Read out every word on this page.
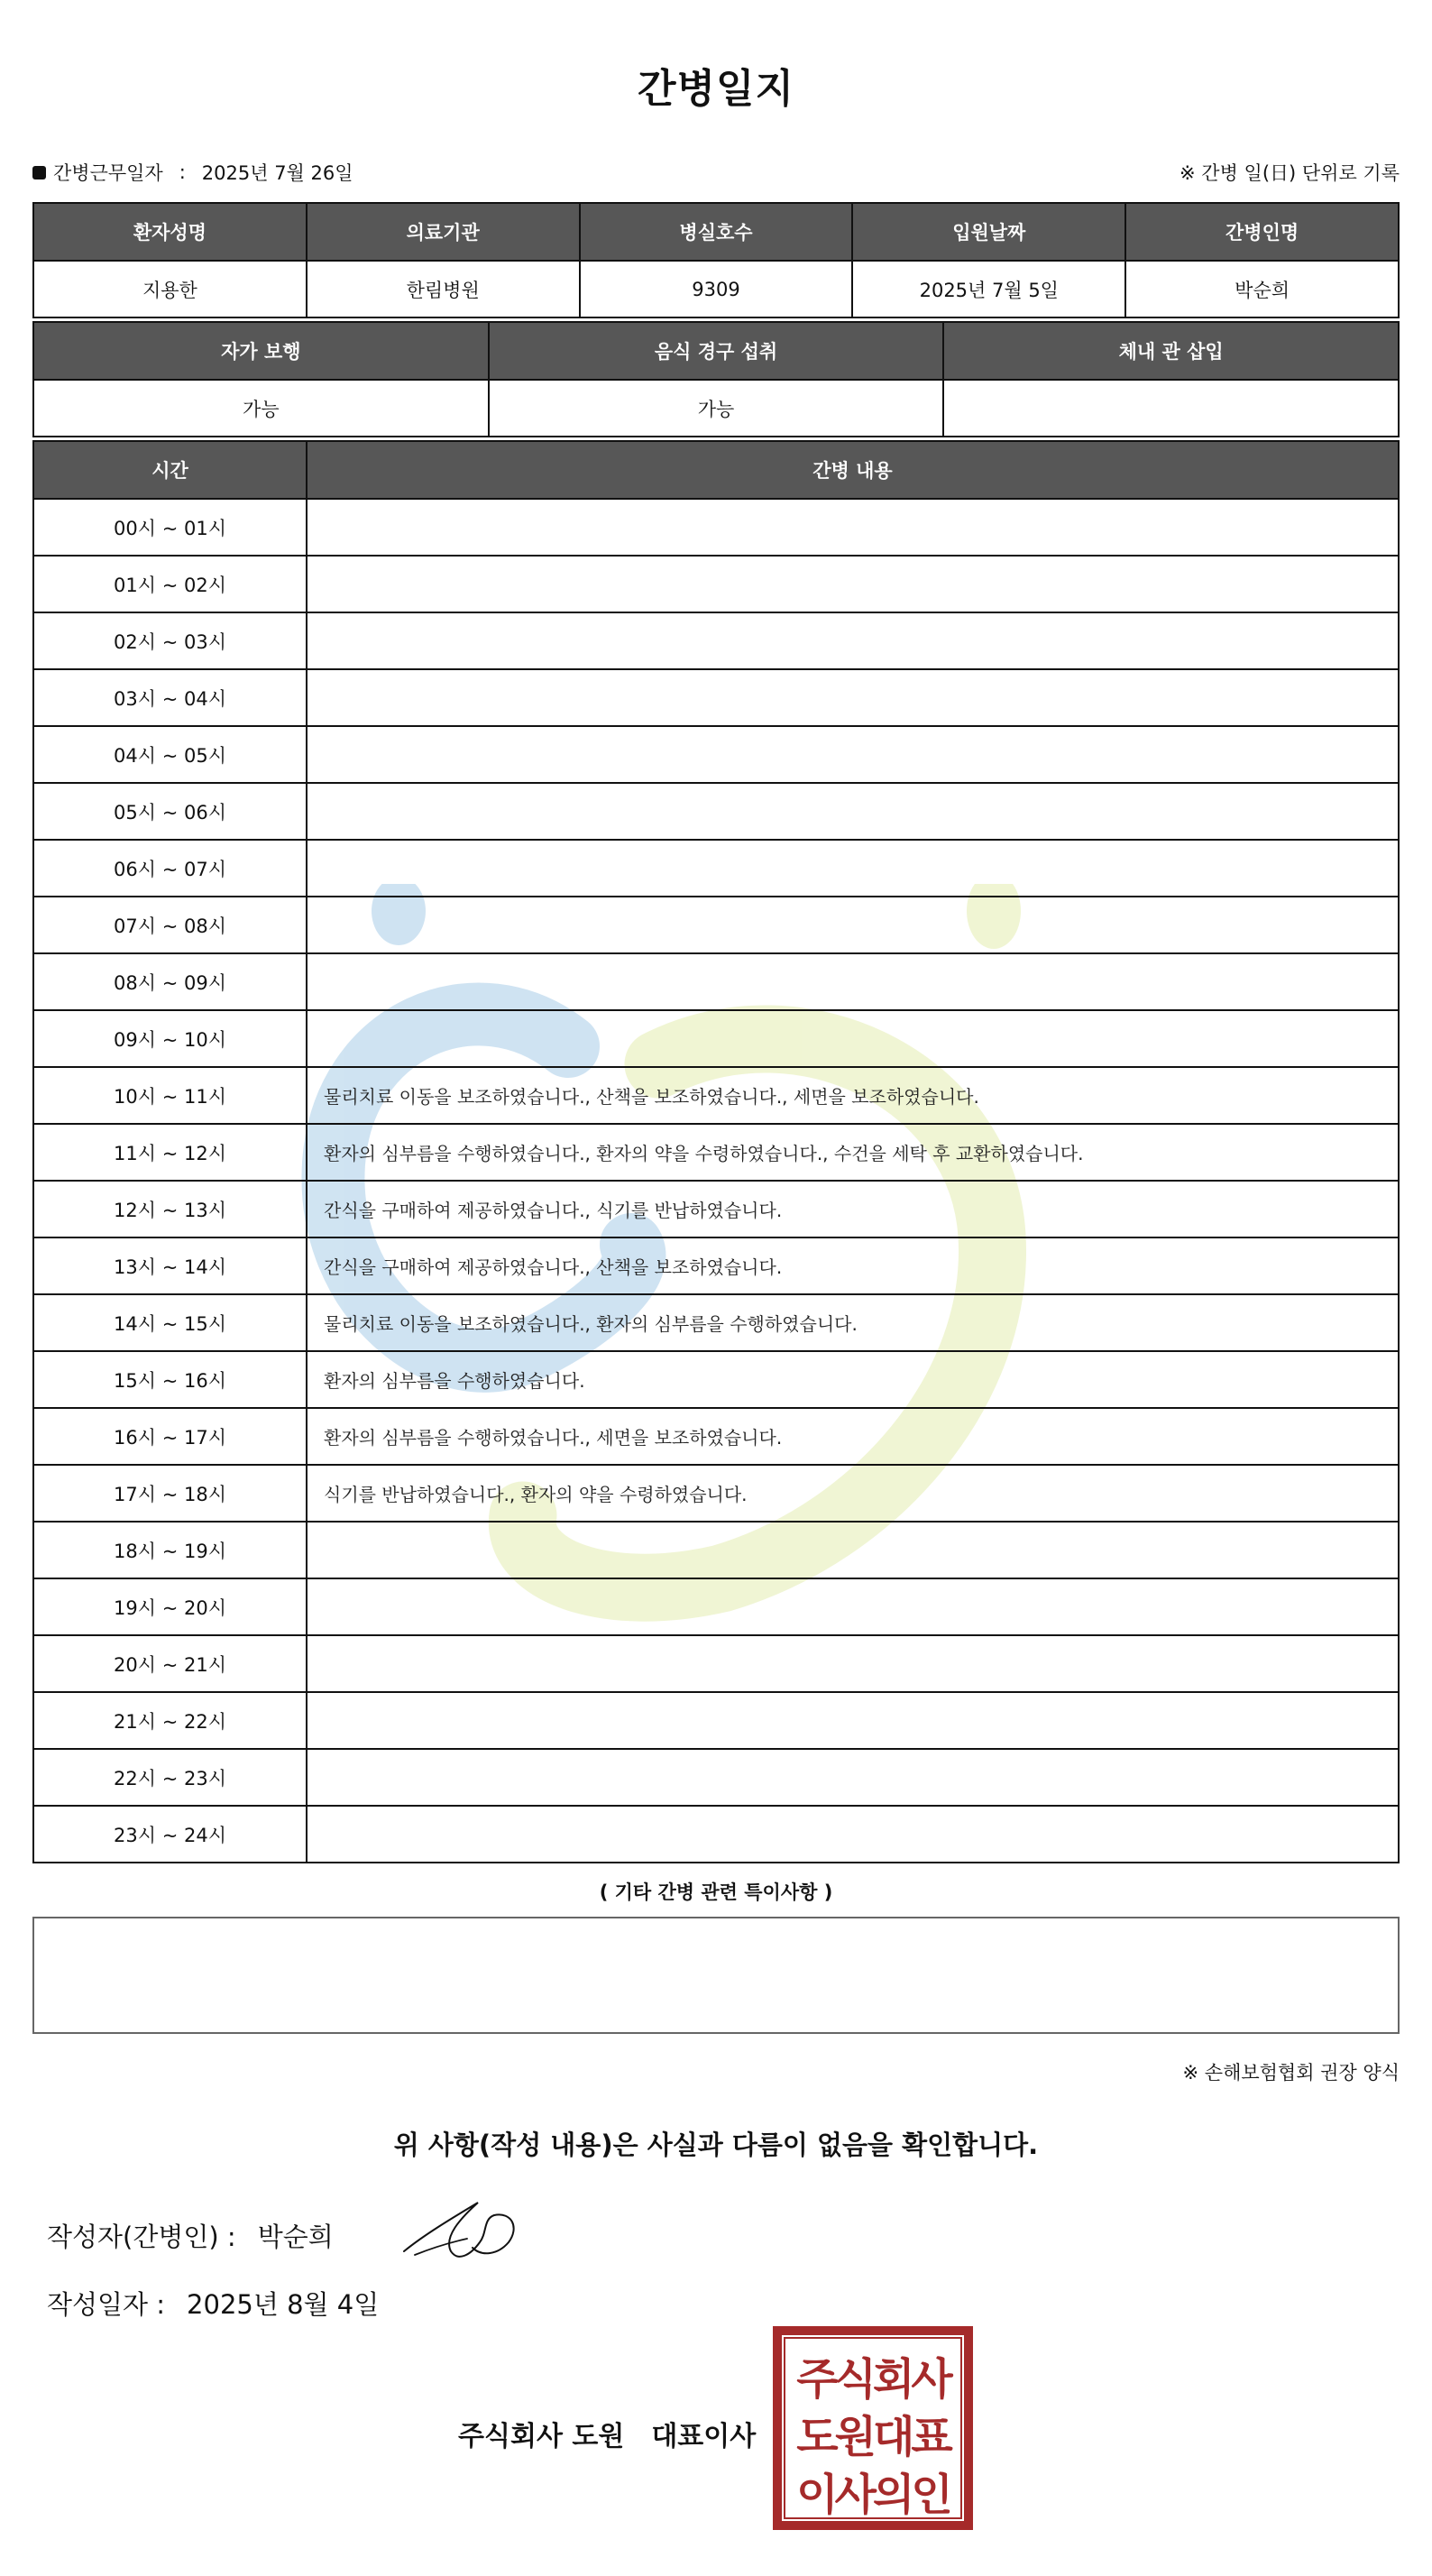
간병일지
간병근무일자 : 2025년 7월 26일	※ 간병 일(日) 단위로 기록
환자성명	의료기관	병실호수	입원날짜	간병인명
지용한	한림병원	9309	2025년 7월 5일	박순희
자가 보행	음식 경구 섭취	체내 관 삽입
가능	가능	
시간	간병 내용
00시 ~ 01시	
01시 ~ 02시	
02시 ~ 03시	
03시 ~ 04시	
04시 ~ 05시	
05시 ~ 06시	
06시 ~ 07시	
07시 ~ 08시	
08시 ~ 09시	
09시 ~ 10시	
10시 ~ 11시	물리치료 이동을 보조하였습니다., 산책을 보조하였습니다., 세면을 보조하였습니다.
11시 ~ 12시	환자의 심부름을 수행하였습니다., 환자의 약을 수령하였습니다., 수건을 세탁 후 교환하였습니다.
12시 ~ 13시	간식을 구매하여 제공하였습니다., 식기를 반납하였습니다.
13시 ~ 14시	간식을 구매하여 제공하였습니다., 산책을 보조하였습니다.
14시 ~ 15시	물리치료 이동을 보조하였습니다., 환자의 심부름을 수행하였습니다.
15시 ~ 16시	환자의 심부름을 수행하였습니다.
16시 ~ 17시	환자의 심부름을 수행하였습니다., 세면을 보조하였습니다.
17시 ~ 18시	식기를 반납하였습니다., 환자의 약을 수령하였습니다.
18시 ~ 19시	
19시 ~ 20시	
20시 ~ 21시	
21시 ~ 22시	
22시 ~ 23시	
23시 ~ 24시	
( 기타 간병 관련 특이사항 )
※ 손해보험협회 권장 양식
위 사항(작성 내용)은 사실과 다름이 없음을 확인합니다.
작성자(간병인) : 박순희
작성일자 : 2025년 8월 4일
주식회사 도원 대표이사
주식회사
도원대표
이사의인
